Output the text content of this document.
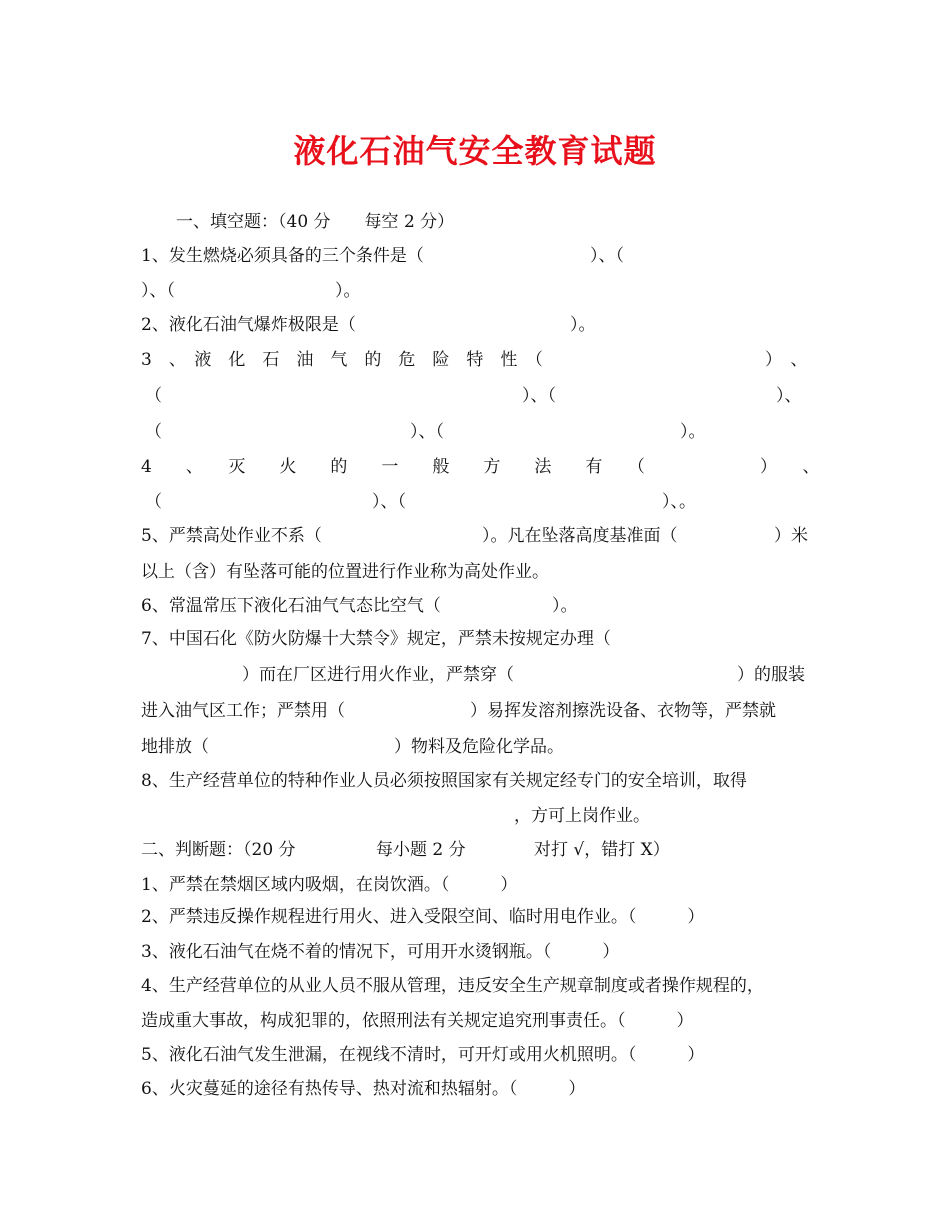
液化石油气安全教育试题
一、填空题：（40 分　　每空 2 分）
1、发生燃烧必须具备的三个条件是（	）、（
）、（	）。
2、液化石油气爆炸极限是（	）。
3　、　液　化　石　油　气　的　危　险　特　性　（	）　、
（	）、（	）、
（	）、（	）。
4　　、　　灭　　火　　的　　一　　般　　方　　法　　有　　（	）　　、
（	）、（	）、。
5、严禁高处作业不系（	）。凡在坠落高度基准面（	）米
以上（含）有坠落可能的位置进行作业称为高处作业。
6、常温常压下液化石油气气态比空气（	）。
7、中国石化《防火防爆十大禁令》规定，严禁未按规定办理（
）而在厂区进行用火作业，严禁穿（	）的服装
进入油气区工作；严禁用（	）易挥发溶剂擦洗设备、衣物等，严禁就
地排放（	）物料及危险化学品。
8、生产经营单位的特种作业人员必须按照国家有关规定经专门的安全培训，取得
，方可上岗作业。
二、判断题：（20 分	每小题 2 分	对打 √，错打 X）
1、严禁在禁烟区域内吸烟，在岗饮酒。（　　　）
2、严禁违反操作规程进行用火、进入受限空间、临时用电作业。（　　　）
3、液化石油气在烧不着的情况下，可用开水烫钢瓶。（　　　）
4、生产经营单位的从业人员不服从管理，违反安全生产规章制度或者操作规程的，
造成重大事故，构成犯罪的，依照刑法有关规定追究刑事责任。（　　　）
5、液化石油气发生泄漏，在视线不清时，可开灯或用火机照明。（　　　）
6、火灾蔓延的途径有热传导、热对流和热辐射。（　　　）
